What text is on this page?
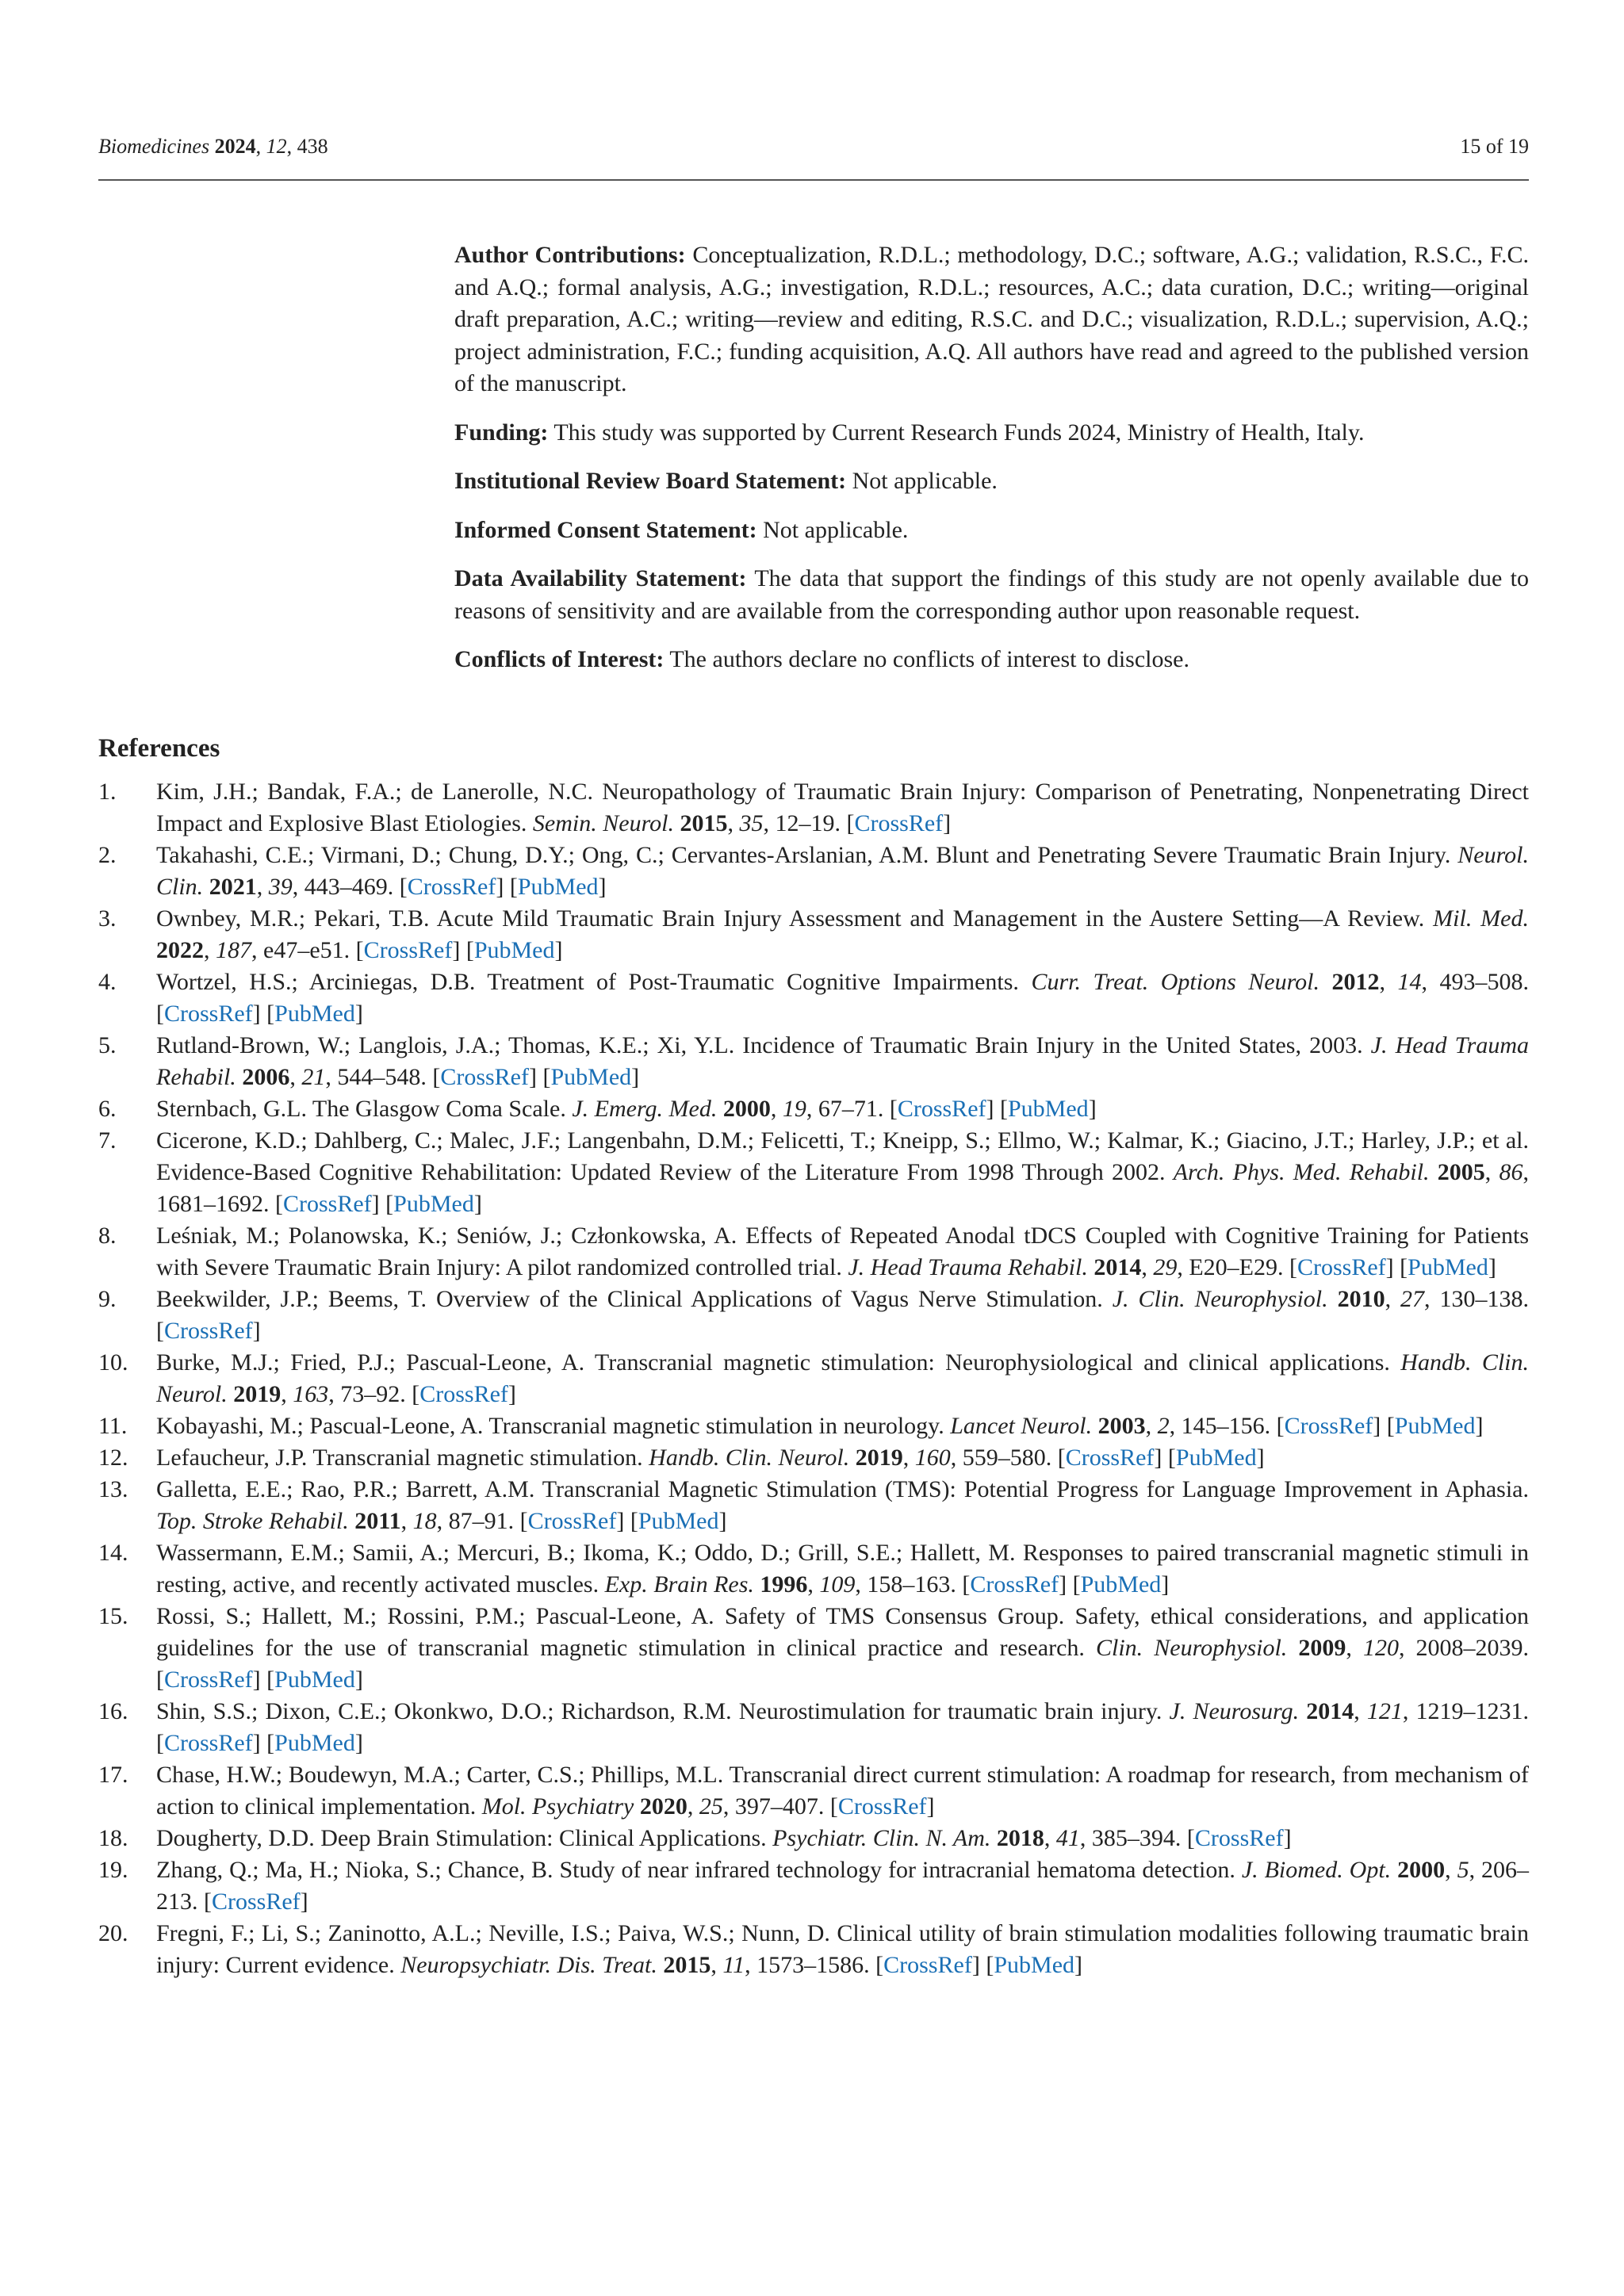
Biomedicines 2024, 12, 438	15 of 19

Author Contributions: Conceptualization, R.D.L.; methodology, D.C.; software, A.G.; validation, R.S.C., F.C. and A.Q.; formal analysis, A.G.; investigation, R.D.L.; resources, A.C.; data curation, D.C.; writing—original draft preparation, A.C.; writing—review and editing, R.S.C. and D.C.; visualization, R.D.L.; supervision, A.Q.; project administration, F.C.; funding acquisition, A.Q. All authors have read and agreed to the published version of the manuscript.

Funding: This study was supported by Current Research Funds 2024, Ministry of Health, Italy.

Institutional Review Board Statement: Not applicable.

Informed Consent Statement: Not applicable.

Data Availability Statement: The data that support the findings of this study are not openly available due to reasons of sensitivity and are available from the corresponding author upon reasonable request.

Conflicts of Interest: The authors declare no conflicts of interest to disclose.

References
1.	Kim, J.H.; Bandak, F.A.; de Lanerolle, N.C. Neuropathology of Traumatic Brain Injury: Comparison of Penetrating, Nonpenetrating Direct Impact and Explosive Blast Etiologies. Semin. Neurol. 2015, 35, 12–19. [CrossRef]
2.	Takahashi, C.E.; Virmani, D.; Chung, D.Y.; Ong, C.; Cervantes-Arslanian, A.M. Blunt and Penetrating Severe Traumatic Brain Injury. Neurol. Clin. 2021, 39, 443–469. [CrossRef] [PubMed]
3.	Ownbey, M.R.; Pekari, T.B. Acute Mild Traumatic Brain Injury Assessment and Management in the Austere Setting—A Review. Mil. Med. 2022, 187, e47–e51. [CrossRef] [PubMed]
4.	Wortzel, H.S.; Arciniegas, D.B. Treatment of Post-Traumatic Cognitive Impairments. Curr. Treat. Options Neurol. 2012, 14, 493–508. [CrossRef] [PubMed]
5.	Rutland-Brown, W.; Langlois, J.A.; Thomas, K.E.; Xi, Y.L. Incidence of Traumatic Brain Injury in the United States, 2003. J. Head Trauma Rehabil. 2006, 21, 544–548. [CrossRef] [PubMed]
6.	Sternbach, G.L. The Glasgow Coma Scale. J. Emerg. Med. 2000, 19, 67–71. [CrossRef] [PubMed]
7.	Cicerone, K.D.; Dahlberg, C.; Malec, J.F.; Langenbahn, D.M.; Felicetti, T.; Kneipp, S.; Ellmo, W.; Kalmar, K.; Giacino, J.T.; Harley, J.P.; et al. Evidence-Based Cognitive Rehabilitation: Updated Review of the Literature From 1998 Through 2002. Arch. Phys. Med. Rehabil. 2005, 86, 1681–1692. [CrossRef] [PubMed]
8.	Leśniak, M.; Polanowska, K.; Seniów, J.; Członkowska, A. Effects of Repeated Anodal tDCS Coupled with Cognitive Training for Patients with Severe Traumatic Brain Injury: A pilot randomized controlled trial. J. Head Trauma Rehabil. 2014, 29, E20–E29. [CrossRef] [PubMed]
9.	Beekwilder, J.P.; Beems, T. Overview of the Clinical Applications of Vagus Nerve Stimulation. J. Clin. Neurophysiol. 2010, 27, 130–138. [CrossRef]
10.	Burke, M.J.; Fried, P.J.; Pascual-Leone, A. Transcranial magnetic stimulation: Neurophysiological and clinical applications. Handb. Clin. Neurol. 2019, 163, 73–92. [CrossRef]
11.	Kobayashi, M.; Pascual-Leone, A. Transcranial magnetic stimulation in neurology. Lancet Neurol. 2003, 2, 145–156. [CrossRef] [PubMed]
12.	Lefaucheur, J.P. Transcranial magnetic stimulation. Handb. Clin. Neurol. 2019, 160, 559–580. [CrossRef] [PubMed]
13.	Galletta, E.E.; Rao, P.R.; Barrett, A.M. Transcranial Magnetic Stimulation (TMS): Potential Progress for Language Improvement in Aphasia. Top. Stroke Rehabil. 2011, 18, 87–91. [CrossRef] [PubMed]
14.	Wassermann, E.M.; Samii, A.; Mercuri, B.; Ikoma, K.; Oddo, D.; Grill, S.E.; Hallett, M. Responses to paired transcranial magnetic stimuli in resting, active, and recently activated muscles. Exp. Brain Res. 1996, 109, 158–163. [CrossRef] [PubMed]
15.	Rossi, S.; Hallett, M.; Rossini, P.M.; Pascual-Leone, A. Safety of TMS Consensus Group. Safety, ethical considerations, and application guidelines for the use of transcranial magnetic stimulation in clinical practice and research. Clin. Neurophysiol. 2009, 120, 2008–2039. [CrossRef] [PubMed]
16.	Shin, S.S.; Dixon, C.E.; Okonkwo, D.O.; Richardson, R.M. Neurostimulation for traumatic brain injury. J. Neurosurg. 2014, 121, 1219–1231. [CrossRef] [PubMed]
17.	Chase, H.W.; Boudewyn, M.A.; Carter, C.S.; Phillips, M.L. Transcranial direct current stimulation: A roadmap for research, from mechanism of action to clinical implementation. Mol. Psychiatry 2020, 25, 397–407. [CrossRef]
18.	Dougherty, D.D. Deep Brain Stimulation: Clinical Applications. Psychiatr. Clin. N. Am. 2018, 41, 385–394. [CrossRef]
19.	Zhang, Q.; Ma, H.; Nioka, S.; Chance, B. Study of near infrared technology for intracranial hematoma detection. J. Biomed. Opt. 2000, 5, 206–213. [CrossRef]
20.	Fregni, F.; Li, S.; Zaninotto, A.L.; Neville, I.S.; Paiva, W.S.; Nunn, D. Clinical utility of brain stimulation modalities following traumatic brain injury: Current evidence. Neuropsychiatr. Dis. Treat. 2015, 11, 1573–1586. [CrossRef] [PubMed]
